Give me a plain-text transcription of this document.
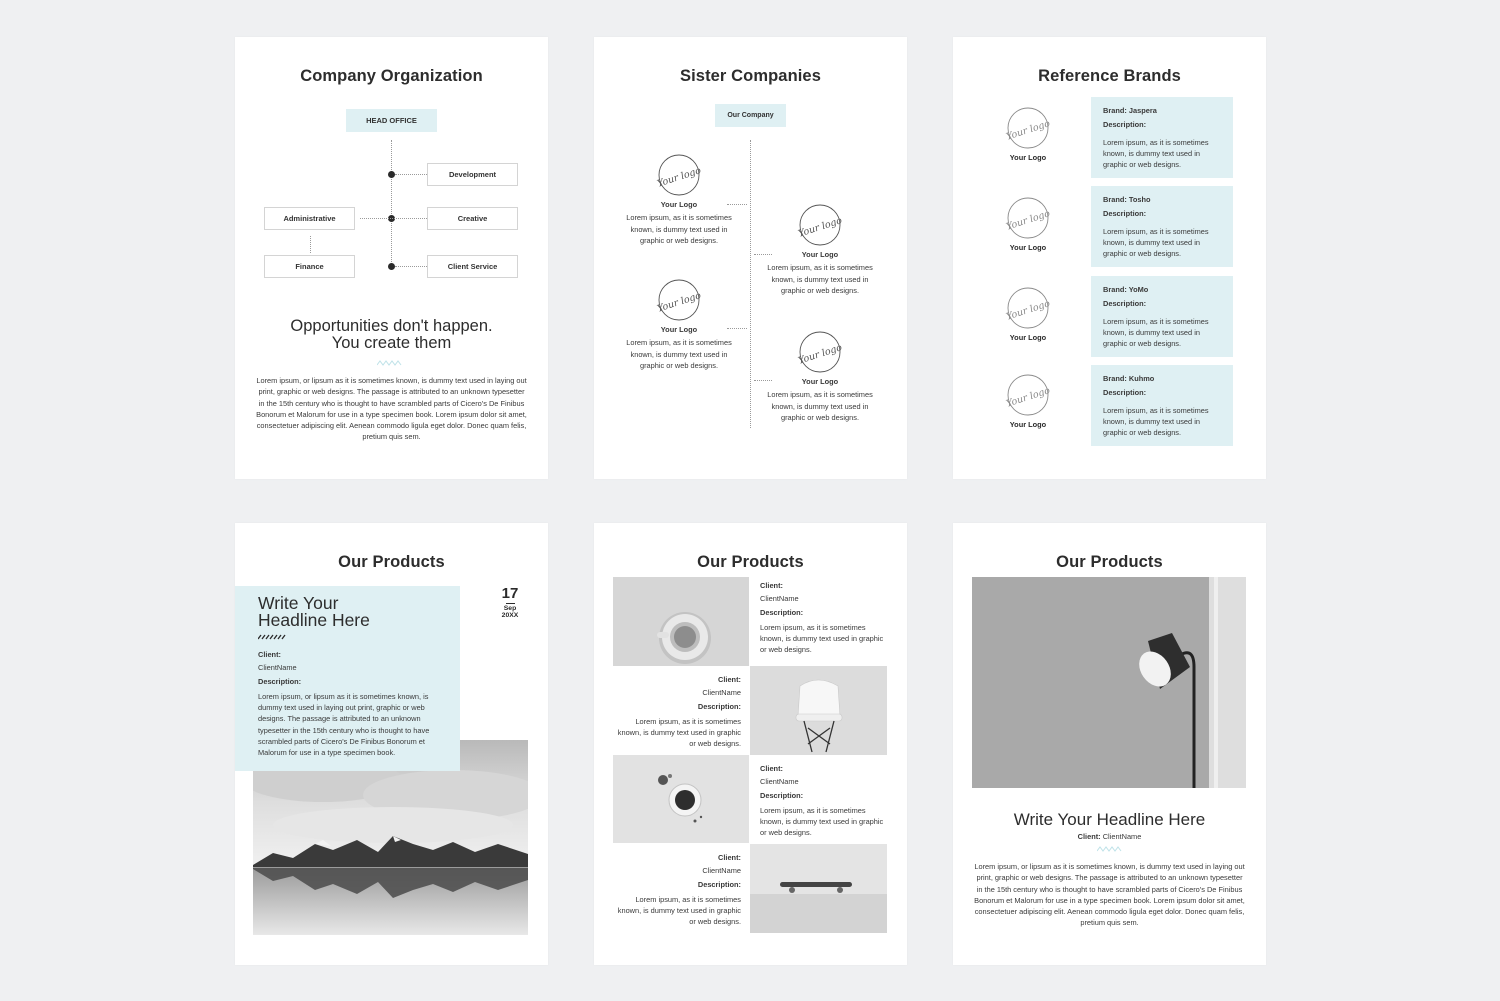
Company Organization
HEAD OFFICE
Development
Administrative	Creative
Finance	Client Service
Opportunities don't happen.
You create them
Lorem ipsum, or lipsum as it is sometimes known, is dummy text used in laying out print, graphic or web designs. The passage is attributed to an unknown typesetter in the 15th century who is thought to have scrambled parts of Cicero's De Finibus Bonorum et Malorum for use in a type specimen book. Lorem ipsum dolor sit amet, consectetuer adipiscing elit. Aenean commodo ligula eget dolor. Donec quam felis, pretium quis sem.
Sister Companies
Our Company
Your logo
Your Logo
Lorem ipsum, as it is sometimes known, is dummy text used in graphic or web designs.
Your logo
Your Logo
Lorem ipsum, as it is sometimes known, is dummy text used in graphic or web designs.
Your logo
Your Logo
Lorem ipsum, as it is sometimes known, is dummy text used in graphic or web designs.	Your logo
Your Logo
Lorem ipsum, as it is sometimes known, is dummy text used in graphic or web designs.
Reference Brands
Your logo
Your Logo
Brand: Jaspera
Description:
Lorem ipsum, as it is sometimes known, is dummy text used in graphic or web designs.
Your logo
Your Logo
Brand: Tosho
Description:
Lorem ipsum, as it is sometimes known, is dummy text used in graphic or web designs.
Your logo
Your Logo
Brand: YoMo
Description:
Lorem ipsum, as it is sometimes known, is dummy text used in graphic or web designs.
Your logo
Your Logo
Brand: Kuhmo
Description:
Lorem ipsum, as it is sometimes known, is dummy text used in graphic or web designs.
Our Products
Write Your
Headline Here
Client:
ClientName
Description:
Lorem ipsum, or lipsum as it is sometimes known, is dummy text used in laying out print, graphic or web designs. The passage is attributed to an unknown typesetter in the 15th century who is thought to have scrambled parts of Cicero's De Finibus Bonorum et Malorum for use in a type specimen book.
17
Sep
20XX
Our Products
Client:
ClientName
Description:
Lorem ipsum, as it is sometimes known, is dummy text used in graphic or web designs.
Client:
ClientName
Description:
Lorem ipsum, as it is sometimes known, is dummy text used in graphic or web designs.
Client:
ClientName
Description:
Lorem ipsum, as it is sometimes known, is dummy text used in graphic or web designs.
Client:
ClientName
Description:
Lorem ipsum, as it is sometimes known, is dummy text used in graphic or web designs.
Our Products
Write Your Headline Here
Client: ClientName
Lorem ipsum, or lipsum as it is sometimes known, is dummy text used in laying out print, graphic or web designs. The passage is attributed to an unknown typesetter in the 15th century who is thought to have scrambled parts of Cicero's De Finibus Bonorum et Malorum for use in a type specimen book. Lorem ipsum dolor sit amet, consectetuer adipiscing elit. Aenean commodo ligula eget dolor. Donec quam felis, pretium quis sem.
